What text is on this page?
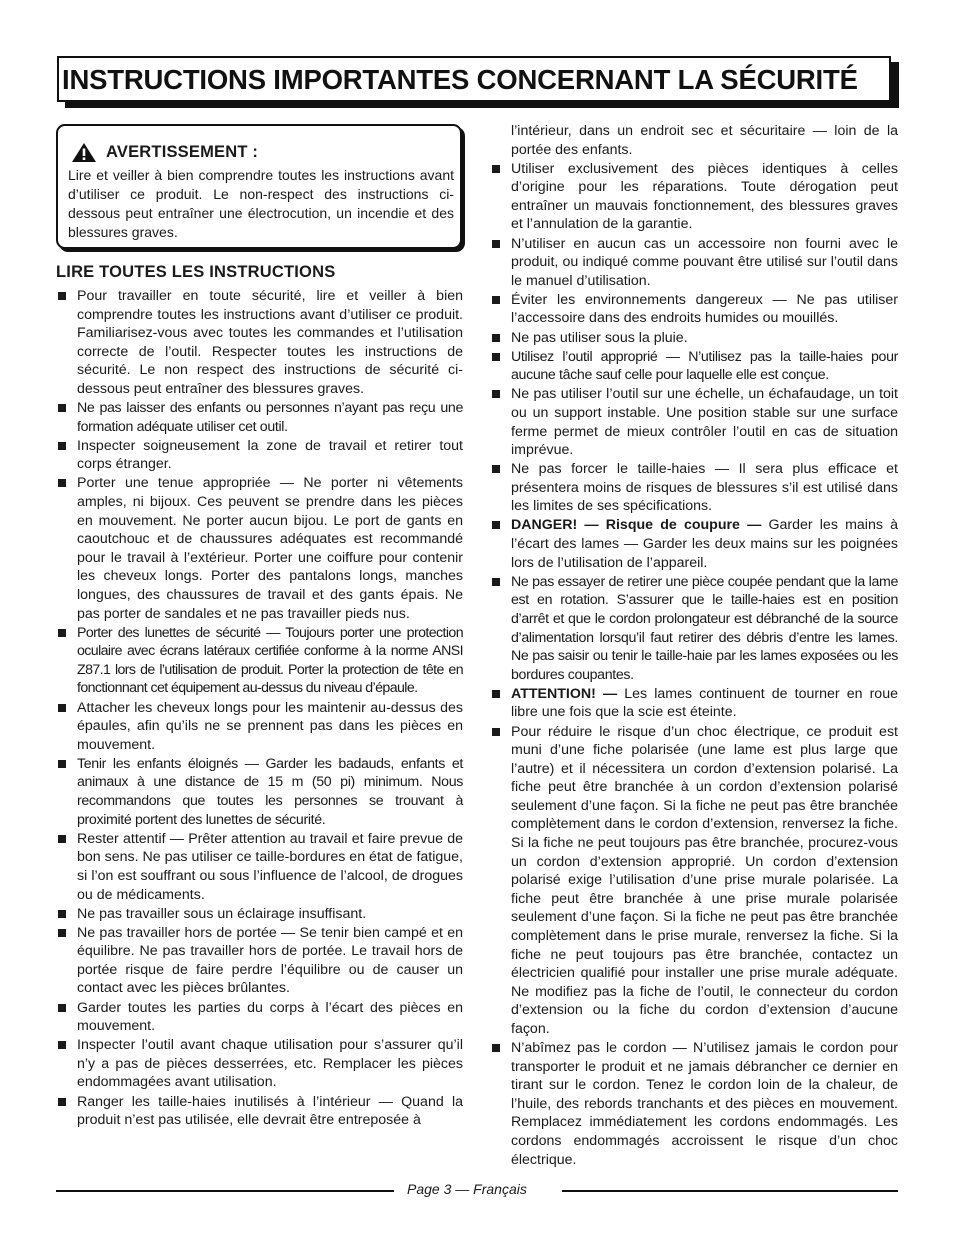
INSTRUCTIONS IMPORTANTES CONCERNANT LA SÉCURITÉ
AVERTISSEMENT :
Lire et veiller à bien comprendre toutes les instructions avant d’utiliser ce produit. Le non-respect des instructions ci-dessous peut entraîner une électrocution, un incendie et des blessures graves.
LIRE TOUTES LES INSTRUCTIONS
Pour travailler en toute sécurité, lire et veiller à bien comprendre toutes les instructions avant d’utiliser ce produit. Familiarisez-vous avec toutes les commandes et l’utilisation correcte de l’outil. Respecter toutes les instructions de sécurité. Le non respect des instructions de sécurité ci-dessous peut entraîner des blessures graves.
Ne pas laisser des enfants ou personnes n’ayant pas reçu une formation adéquate utiliser cet outil.
Inspecter soigneusement la zone de travail et retirer tout corps étranger.
Porter une tenue appropriée — Ne porter ni vêtements amples, ni bijoux. Ces peuvent se prendre dans les pièces en mouvement. Ne porter aucun bijou. Le port de gants en caoutchouc et de chaussures adéquates est recommandé pour le travail à l’extérieur. Porter une coiffure pour contenir les cheveux longs. Porter des pantalons longs, manches longues, des chaussures de travail et des gants épais. Ne pas porter de sandales et ne pas travailler pieds nus.
Porter des lunettes de sécurité — Toujours porter une protection oculaire avec écrans latéraux certifiée conforme à la norme ANSI Z87.1 lors de l’utilisation de produit. Porter la protection de tête en fonctionnant cet équipement au-dessus du niveau d’épaule.
Attacher les cheveux longs pour les maintenir au-dessus des épaules, afin qu’ils ne se prennent pas dans les pièces en mouvement.
Tenir les enfants éloignés — Garder les badauds, enfants et animaux à une distance de 15 m (50 pi) minimum. Nous recommandons que toutes les personnes se trouvant à proximité portent des lunettes de sécurité.
Rester attentif — Prêter attention au travail et faire prevue de bon sens. Ne pas utiliser ce taille-bordures en état de fatigue, si l’on est souffrant ou sous l’influence de l’alcool, de drogues ou de médicaments.
Ne pas travailler sous un éclairage insuffisant.
Ne pas travailler hors de portée — Se tenir bien campé et en équilibre. Ne pas travailler hors de portée. Le travail hors de portée risque de faire perdre l’équilibre ou de causer un contact avec les pièces brûlantes.
Garder toutes les parties du corps à l’écart des pièces en mouvement.
Inspecter l’outil avant chaque utilisation pour s’assurer qu’il n’y a pas de pièces desserrées, etc. Remplacer les pièces endommagées avant utilisation.
Ranger les taille-haies inutilisés à l’intérieur — Quand la produit n’est pas utilisée, elle devrait être entreposée à
l’intérieur, dans un endroit sec et sécuritaire — loin de la portée des enfants.
Utiliser exclusivement des pièces identiques à celles d’origine pour les réparations. Toute dérogation peut entraîner un mauvais fonctionnement, des blessures graves et l’annulation de la garantie.
N’utiliser en aucun cas un accessoire non fourni avec le produit, ou indiqué comme pouvant être utilisé sur l’outil dans le manuel d’utilisation.
Éviter les environnements dangereux — Ne pas utiliser l’accessoire dans des endroits humides ou mouillés.
Ne pas utiliser sous la pluie.
Utilisez l’outil approprié — N’utilisez pas la taille-haies pour aucune tâche sauf celle pour laquelle elle est conçue.
Ne pas utiliser l’outil sur une échelle, un échafaudage, un toit ou un support instable. Une position stable sur une surface ferme permet de mieux contrôler l’outil en cas de situation imprévue.
Ne pas forcer le taille-haies — Il sera plus efficace et présentera moins de risques de blessures s’il est utilisé dans les limites de ses spécifications.
DANGER! — Risque de coupure — Garder les mains à l’écart des lames — Garder les deux mains sur les poignées lors de l’utilisation de l’appareil.
Ne pas essayer de retirer une pièce coupée pendant que la lame est en rotation. S’assurer que le taille-haies est en position d’arrêt et que le cordon prolongateur est débranché de la source d’alimentation lorsqu’il faut retirer des débris d’entre les lames. Ne pas saisir ou tenir le taille-haie par les lames exposées ou les bordures coupantes.
ATTENTION! — Les lames continuent de tourner en roue libre une fois que la scie est éteinte.
Pour réduire le risque d’un choc électrique, ce produit est muni d’une fiche polarisée (une lame est plus large que l’autre) et il nécessitera un cordon d’extension polarisé. La fiche peut être branchée à un cordon d’extension polarisé seulement d’une façon. Si la fiche ne peut pas être branchée complètement dans le cordon d’extension, renversez la fiche. Si la fiche ne peut toujours pas être branchée, procurez-vous un cordon d’extension approprié. Un cordon d’extension polarisé exige l’utilisation d’une prise murale polarisée. La fiche peut être branchée à une prise murale polarisée seulement d’une façon. Si la fiche ne peut pas être branchée complètement dans le prise murale, renversez la fiche. Si la fiche ne peut toujours pas être branchée, contactez un électricien qualifié pour installer une prise murale adéquate. Ne modifiez pas la fiche de l’outil, le connecteur du cordon d’extension ou la fiche du cordon d’extension d’aucune façon.
N’abîmez pas le cordon — N’utilisez jamais le cordon pour transporter le produit et ne jamais débrancher ce dernier en tirant sur le cordon. Tenez le cordon loin de la chaleur, de l’huile, des rebords tranchants et des pièces en mouvement. Remplacez immédiatement les cordons endommagés. Les cordons endommagés accroissent le risque d’un choc électrique.
Page 3 — Français
